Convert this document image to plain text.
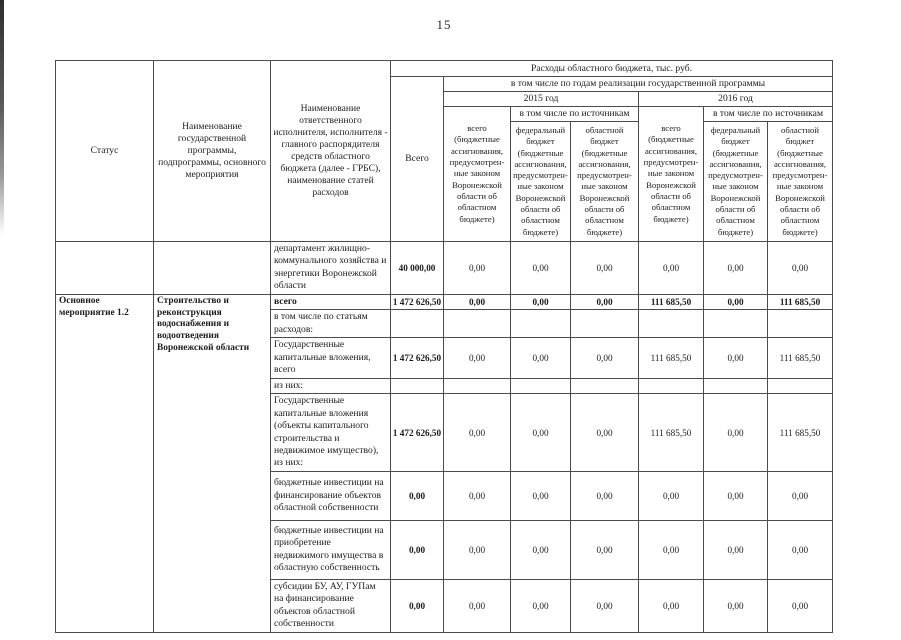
15
Статус	Наименование государственной программы, подпрограммы, основного мероприятия	Наименование ответственного исполнителя, исполнителя - главного распорядителя средств областного бюджета (далее - ГРБС), наименование статей расходов	Расходы областного бюджета, тыс. руб.						
			Всего	в том числе по годам реализации государственной программы					
				2015 год			2016 год		
				всего (бюджетные ассигнования, предусмотрен-ные законом Воронежской области об областном бюджете)	в том числе по источникам		всего (бюджетные ассигнования, предусмотрен-ные законом Воронежской области об областном бюджете)	в том числе по источникам	
					федеральный бюджет (бюджетные ассигнования, предусмотрен-ные законом Воронежской области об областном бюджете)	областной бюджет (бюджетные ассигнования, предусмотрен-ные законом Воронежской области об областном бюджете)		федеральный бюджет (бюджетные ассигнования, предусмотрен-ные законом Воронежской области об областном бюджете)	областной бюджет (бюджетные ассигнования, предусмотрен-ные законом Воронежской области об областном бюджете)
		департамент жилищно-коммунального хозяйства и энергетики Воронежской области	40 000,00	0,00	0,00	0,00	0,00	0,00	0,00
Основное мероприятие 1.2	Строительство и реконструкция водоснабжения и водоотведения Воронежской области	всего	1 472 626,50	0,00	0,00	0,00	111 685,50	0,00	111 685,50
		в том числе по статьям расходов:							
		Государственные капитальные вложения, всего	1 472 626,50	0,00	0,00	0,00	111 685,50	0,00	111 685,50
		из них:							
		Государственные капитальные вложения (объекты капитального строительства и недвижимое имущество), из них:	1 472 626,50	0,00	0,00	0,00	111 685,50	0,00	111 685,50
		бюджетные инвестиции на финансирование объектов областной собственности	0,00	0,00	0,00	0,00	0,00	0,00	0,00
		бюджетные инвестиции на приобретение недвижимого имущества в областную собственность	0,00	0,00	0,00	0,00	0,00	0,00	0,00
		субсидии БУ, АУ, ГУПам на финансирование объектов областной собственности	0,00	0,00	0,00	0,00	0,00	0,00	0,00
